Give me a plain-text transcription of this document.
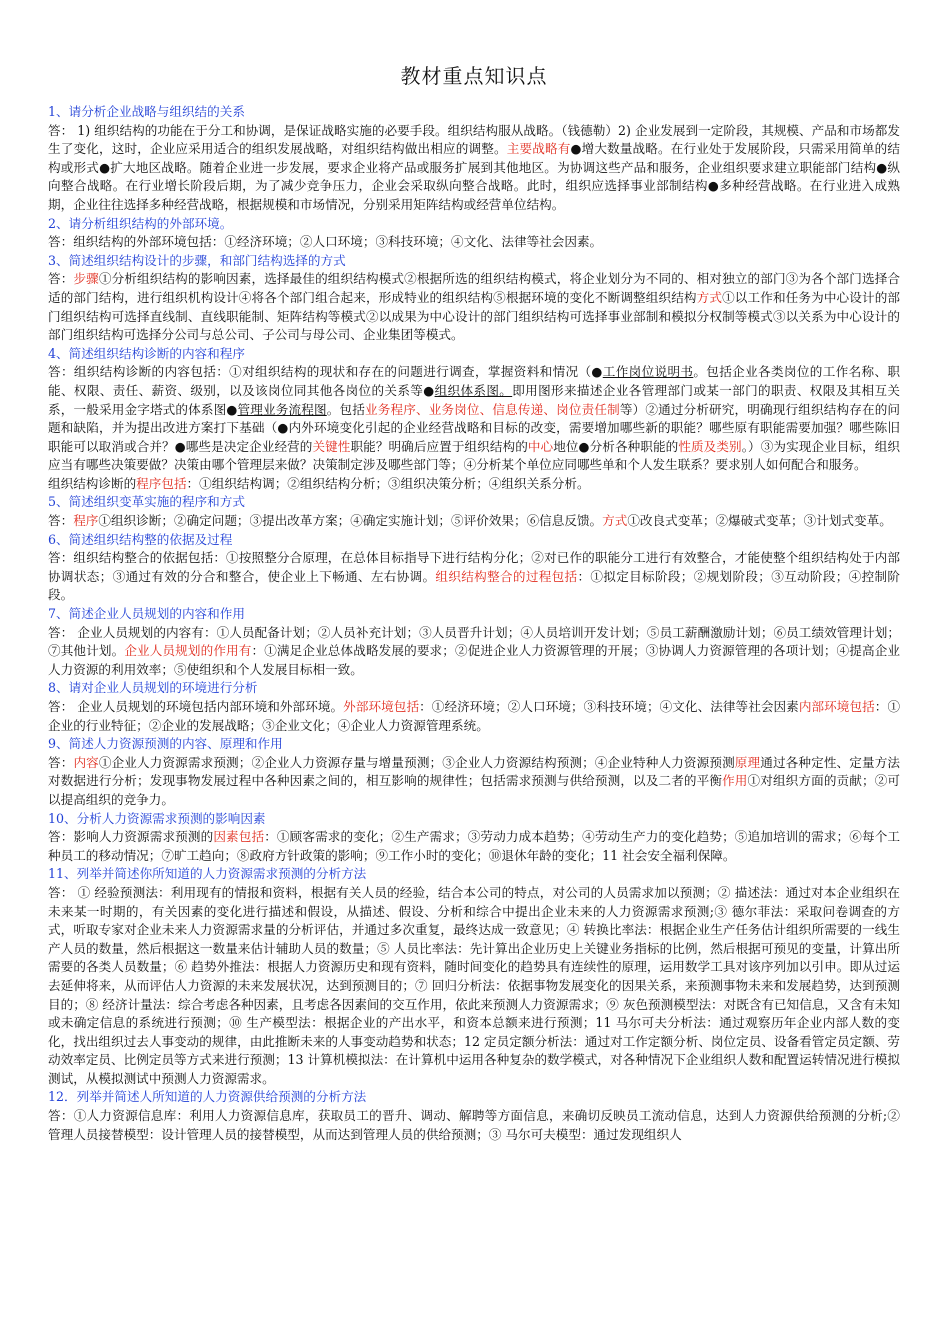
教材重点知识点

1、请分析企业战略与组织结的关系

答： 1) 组织结构的功能在于分工和协调，是保证战略实施的必要手段。组织结构服从战略。（钱德勒）2) 企业发展到一定阶段，其规模、产品和市场都发生了变化，这时，企业应采用适合的组织发展战略，对组织结构做出相应的调整。主要战略有●增大数量战略。在行业处于发展阶段，只需采用简单的结构或形式●扩大地区战略。随着企业进一步发展，要求企业将产品或服务扩展到其他地区。为协调这些产品和服务，企业组织要求建立职能部门结构●纵向整合战略。在行业增长阶段后期，为了减少竞争压力，企业会采取纵向整合战略。此时，组织应选择事业部制结构●多种经营战略。在行业进入成熟期，企业往往选择多种经营战略，根据规模和市场情况，分别采用矩阵结构或经营单位结构。

2、请分析组织结构的外部环境。

答：组织结构的外部环境包括：①经济环境；②人口环境；③科技环境；④文化、法律等社会因素。

3、简述组织结构设计的步骤，和部门结构选择的方式

答：步骤①分析组织结构的影响因素，选择最佳的组织结构模式②根据所选的组织结构模式，将企业划分为不同的、相对独立的部门③为各个部门选择合适的部门结构，进行组织机构设计④将各个部门组合起来，形成特业的组织结构⑤根据环境的变化不断调整组织结构方式①以工作和任务为中心设计的部门组织结构可选择直线制、直线职能制、矩阵结构等模式②以成果为中心设计的部门组织结构可选择事业部制和模拟分权制等模式③以关系为中心设计的部门组织结构可选择分公司与总公司、子公司与母公司、企业集团等模式。

4、简述组织结构诊断的内容和程序

答：组织结构诊断的内容包括：①对组织结构的现状和存在的问题进行调查，掌握资料和情况（●工作岗位说明书。包括企业各类岗位的工作名称、职能、权限、责任、薪资、级别，以及该岗位同其他各岗位的关系等●组织体系图。即用图形来描述企业各管理部门或某一部门的职责、权限及其相互关系，一般采用金字塔式的体系图●管理业务流程图。包括业务程序、业务岗位、信息传递、岗位责任制等）②通过分析研究，明确现行组织结构存在的问题和缺陷，并为提出改进方案打下基础（●内外环境变化引起的企业经营战略和目标的改变，需要增加哪些新的职能？哪些原有职能需要加强？哪些陈旧职能可以取消或合并？●哪些是决定企业经营的关键性职能？明确后应置于组织结构的中心地位●分析各种职能的性质及类别。）③为实现企业目标，组织应当有哪些决策要做？决策由哪个管理层来做？决策制定涉及哪些部门等；④分析某个单位应同哪些单和个人发生联系？要求别人如何配合和服务。

组织结构诊断的程序包括：①组织结构调；②组织结构分析；③组织决策分析；④组织关系分析。

5、简述组织变革实施的程序和方式

答：程序①组织诊断；②确定问题；③提出改革方案；④确定实施计划；⑤评价效果；⑥信息反馈。方式①改良式变革；②爆破式变革；③计划式变革。

6、简述组织结构整的依据及过程

答：组织结构整合的依据包括：①按照整分合原理，在总体目标指导下进行结构分化；②对已作的职能分工进行有效整合，才能使整个组织结构处于内部协调状态；③通过有效的分合和整合，使企业上下畅通、左右协调。组织结构整合的过程包括：①拟定目标阶段；②规划阶段；③互动阶段；④控制阶段。

7、简述企业人员规划的内容和作用

答： 企业人员规划的内容有：①人员配备计划；②人员补充计划；③人员晋升计划；④人员培训开发计划；⑤员工薪酬激励计划；⑥员工绩效管理计划；⑦其他计划。企业人员规划的作用有：①满足企业总体战略发展的要求；②促进企业人力资源管理的开展；③协调人力资源管理的各项计划；④提高企业人力资源的利用效率；⑤使组织和个人发展目标相一致。

8、请对企业人员规划的环境进行分析

答： 企业人员规划的环境包括内部环境和外部环境。外部环境包括：①经济环境；②人口环境；③科技环境；④文化、法律等社会因素内部环境包括：①企业的行业特征；②企业的发展战略；③企业文化；④企业人力资源管理系统。

9、简述人力资源预测的内容、原理和作用

答：内容①企业人力资源需求预测；②企业人力资源存量与增量预测；③企业人力资源结构预测；④企业特种人力资源预测原理通过各种定性、定量方法对数据进行分析；发现事物发展过程中各种因素之间的，相互影响的规律性；包括需求预测与供给预测，以及二者的平衡作用①对组织方面的贡献；②可以提高组织的竞争力。

10、分析人力资源需求预测的影响因素

答：影响人力资源需求预测的因素包括：①顾客需求的变化；②生产需求；③劳动力成本趋势；④劳动生产力的变化趋势；⑤追加培训的需求；⑥每个工种员工的移动情况；⑦旷工趋向；⑧政府方针政策的影响；⑨工作小时的变化；⑩退休年龄的变化；11 社会安全福利保障。

11、列举并简述你所知道的人力资源需求预测的分析方法

答： ① 经验预测法：利用现有的情报和资料，根据有关人员的经验，结合本公司的特点，对公司的人员需求加以预测；② 描述法：通过对本企业组织在未来某一时期的，有关因素的变化进行描述和假设，从描述、假设、分析和综合中提出企业未来的人力资源需求预测;③ 德尔菲法：采取问卷调查的方式，听取专家对企业未来人力资源需求量的分析评估，并通过多次重复，最终达成一致意见；④ 转换比率法：根据企业生产任务估计组织所需要的一线生产人员的数量，然后根据这一数量来估计辅助人员的数量；⑤ 人员比率法：先计算出企业历史上关键业务指标的比例，然后根据可预见的变量，计算出所需要的各类人员数量；⑥ 趋势外推法：根据人力资源历史和现有资料，随时间变化的趋势具有连续性的原理，运用数学工具对该序列加以引申。即从过运去延伸将来，从而评估人力资源的未来发展状况，达到预测目的；⑦ 回归分析法：依据事物发展变化的因果关系，来预测事物未来和发展趋势，达到预测目的；⑧ 经济计量法：综合考虑各种因素，且考虑各因素间的交互作用，依此来预测人力资源需求；⑨ 灰色预测模型法：对既含有已知信息，又含有未知或未确定信息的系统进行预测；⑩ 生产模型法：根据企业的产出水平，和资本总额来进行预测；11 马尔可夫分析法：通过观察历年企业内部人数的变化，找出组织过去人事变动的规律，由此推断未来的人事变动趋势和状态；12 定员定额分析法：通过对工作定额分析、岗位定员、设备看管定员定额、劳动效率定员、比例定员等方式来进行预测；13 计算机模拟法：在计算机中运用各种复杂的数学模式，对各种情况下企业组织人数和配置运转情况进行模拟测试，从模拟测试中预测人力资源需求。

12．列举并简述人所知道的人力资源供给预测的分析方法

答：①人力资源信息库：利用人力资源信息库，获取员工的晋升、调动、解聘等方面信息，来确切反映员工流动信息，达到人力资源供给预测的分析;② 管理人员接替模型：设计管理人员的接替模型，从而达到管理人员的供给预测；③ 马尔可夫模型：通过发现组织人
